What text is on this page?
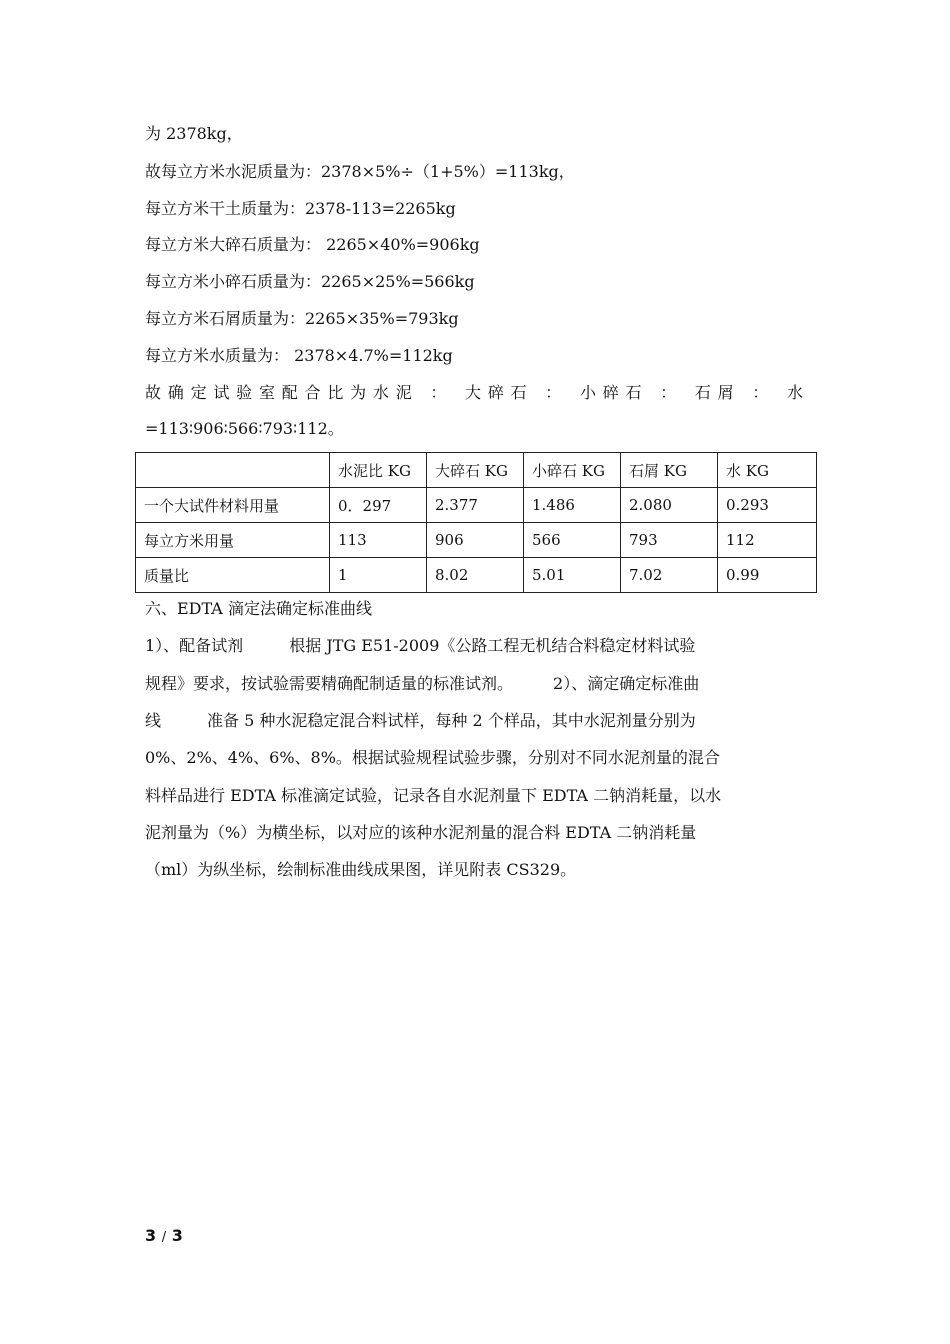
为 2378kg，
故每立方米水泥质量为：2378×5%÷（1+5%）=113kg，
每立方米干土质量为：2378-113=2265kg
每立方米大碎石质量为： 2265×40%=906kg
每立方米小碎石质量为：2265×25%=566kg
每立方米石屑质量为：2265×35%=793kg
每立方米水质量为： 2378×4.7%=112kg
故确定试验室配合比为水泥 ： 大碎石 ： 小碎石 ： 石屑 ： 水
=113∶906∶566∶793∶112。
	水泥比 KG	大碎石 KG	小碎石 KG	石屑 KG	水 KG
一个大试件材料用量	0．297	2.377	1.486	2.080	0.293
每立方米用量	113	906	566	793	112
质量比	1	8.02	5.01	7.02	0.99
六、EDTA 滴定法确定标准曲线
1）、配备试剂	根据 JTG E51-2009《公路工程无机结合料稳定材料试验
规程》要求，按试验需要精确配制适量的标准试剂。	2）、滴定确定标准曲
线	准备 5 种水泥稳定混合料试样，每种 2 个样品，其中水泥剂量分别为
0%、2%、4%、6%、8%。根据试验规程试验步骤，分别对不同水泥剂量的混合
料样品进行 EDTA 标准滴定试验，记录各自水泥剂量下 EDTA 二钠消耗量，以水
泥剂量为（%）为横坐标，以对应的该种水泥剂量的混合料 EDTA 二钠消耗量
（ml）为纵坐标，绘制标准曲线成果图，详见附表 CS329。
3 / 3
